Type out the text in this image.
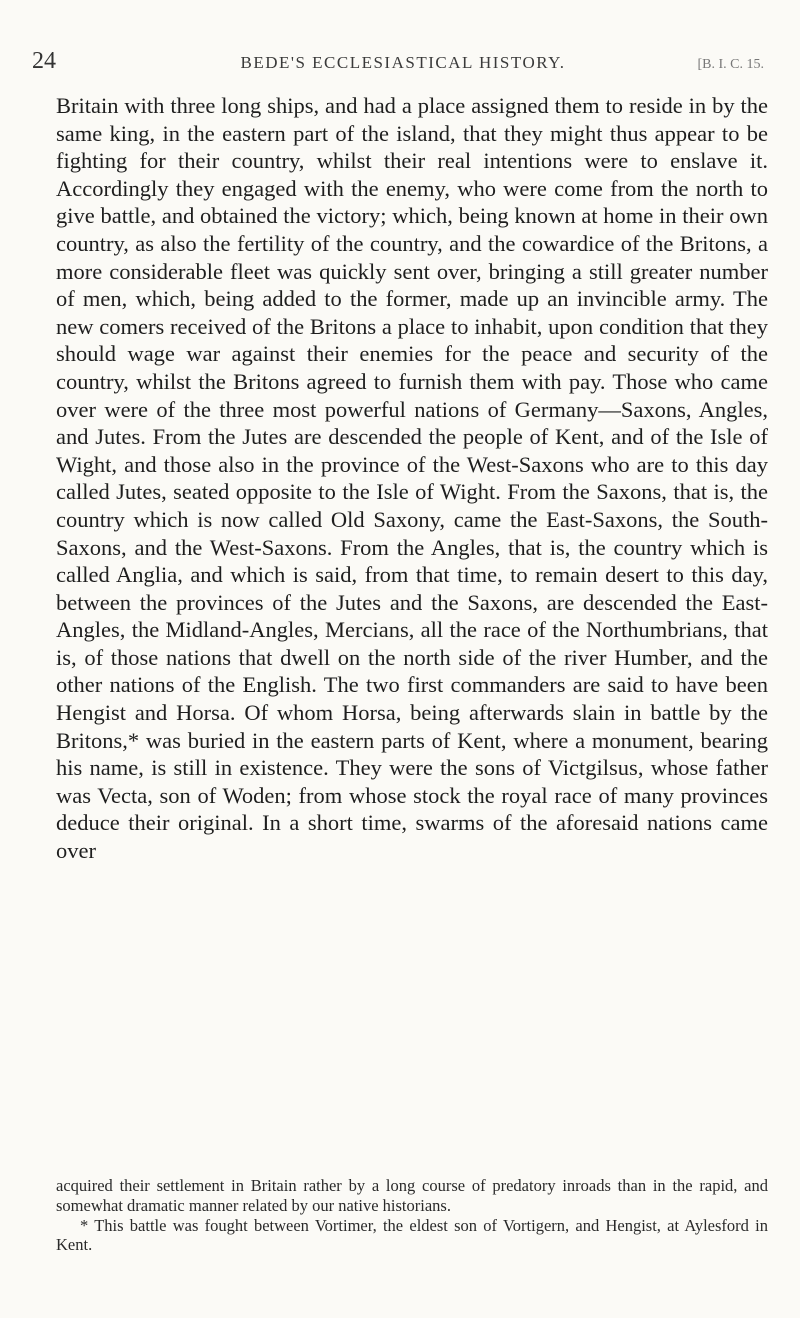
24	BEDE'S ECCLESIASTICAL HISTORY.	[B. I. C. 15.

Britain with three long ships, and had a place assigned them to reside in by the same king, in the eastern part of the island, that they might thus appear to be fighting for their country, whilst their real intentions were to enslave it. Accordingly they engaged with the enemy, who were come from the north to give battle, and obtained the victory; which, being known at home in their own country, as also the fertility of the country, and the cowardice of the Britons, a more considerable fleet was quickly sent over, bringing a still greater number of men, which, being added to the former, made up an invincible army. The new comers received of the Britons a place to inhabit, upon condition that they should wage war against their enemies for the peace and security of the country, whilst the Britons agreed to furnish them with pay. Those who came over were of the three most powerful nations of Germany—Saxons, Angles, and Jutes. From the Jutes are descended the people of Kent, and of the Isle of Wight, and those also in the province of the West-Saxons who are to this day called Jutes, seated opposite to the Isle of Wight. From the Saxons, that is, the country which is now called Old Saxony, came the East-Saxons, the South-Saxons, and the West-Saxons. From the Angles, that is, the country which is called Anglia, and which is said, from that time, to remain desert to this day, between the provinces of the Jutes and the Saxons, are descended the East-Angles, the Midland-Angles, Mercians, all the race of the Northumbrians, that is, of those nations that dwell on the north side of the river Humber, and the other nations of the English. The two first commanders are said to have been Hengist and Horsa. Of whom Horsa, being afterwards slain in battle by the Britons,* was buried in the eastern parts of Kent, where a monument, bearing his name, is still in existence. They were the sons of Victgilsus, whose father was Vecta, son of Woden; from whose stock the royal race of many provinces deduce their original. In a short time, swarms of the aforesaid nations came over

acquired their settlement in Britain rather by a long course of predatory inroads than in the rapid, and somewhat dramatic manner related by our native historians.

* This battle was fought between Vortimer, the eldest son of Vortigern, and Hengist, at Aylesford in Kent.
